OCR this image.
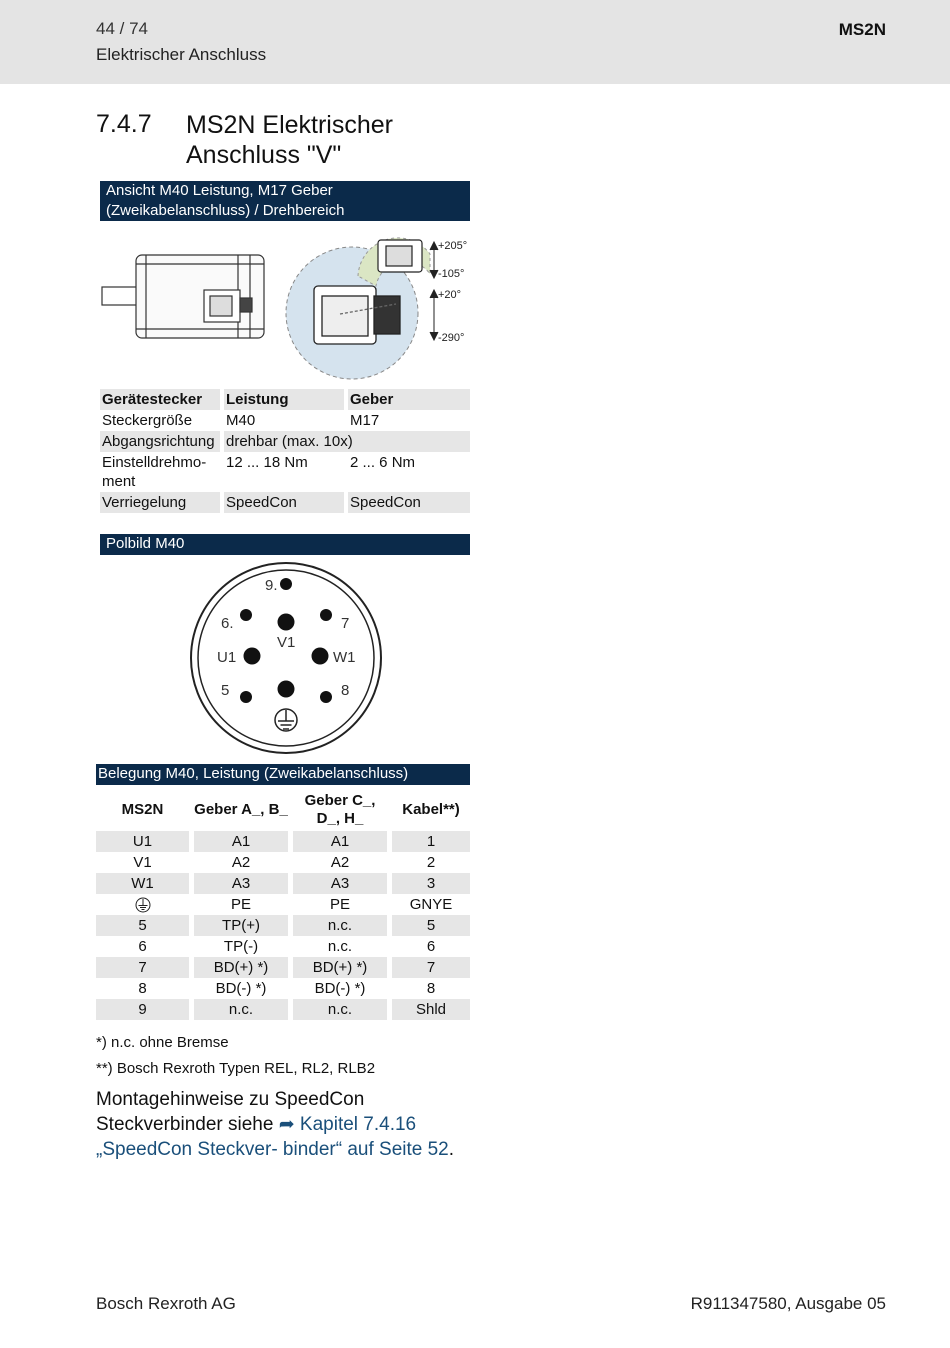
44 / 74
Elektrischer Anschluss
MS2N
7.4.7 MS2N Elektrischer Anschluss "V"
Ansicht M40 Leistung, M17 Geber (Zweikabelanschluss) / Drehbereich
+205°
-105°
+20°
-290°
Gerätestecker	Leistung	Geber
Steckergröße	M40	M17
Abgangsrichtung	drehbar (max. 10x)	
Einstelldrehmo- ment	12 ... 18 Nm	2 ... 6 Nm
Verriegelung	SpeedCon	SpeedCon
Polbild M40
9.
6.	7
V1
U1	W1
5	8
Belegung M40, Leistung (Zweikabelanschluss)
MS2N	Geber A_, B_	Geber C_, D_, H_	Kabel**)
U1	A1	A1	1
V1	A2	A2	2
W1	A3	A3	3
	PE	PE	GNYE
5	TP(+)	n.c.	5
6	TP(-)	n.c.	6
7	BD(+) *)	BD(+) *)	7
8	BD(-) *)	BD(-) *)	8
9	n.c.	n.c.	Shld
*) n.c. ohne Bremse
**) Bosch Rexroth Typen REL, RL2, RLB2
Montagehinweise zu SpeedCon Steckverbinder siehe ➦ Kapitel 7.4.16 „SpeedCon Steckver- binder“ auf Seite 52.
Bosch Rexroth AG	R911347580, Ausgabe 05
